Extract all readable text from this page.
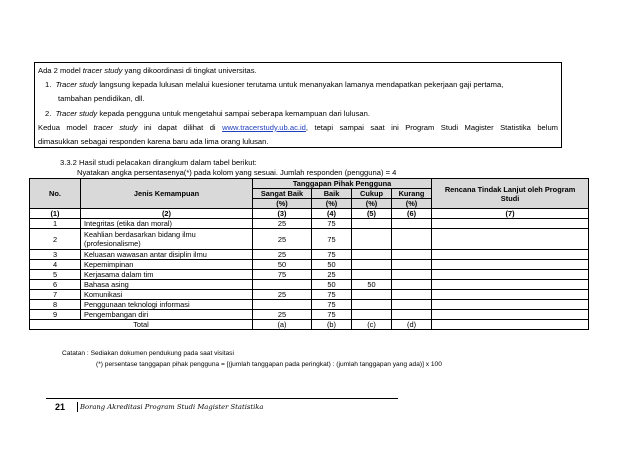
Ada 2 model tracer study yang dikoordinasi di tingkat universitas.

1. Tracer study langsung kepada lulusan melalui kuesioner terutama untuk menanyakan lamanya mendapatkan pekerjaan gaji pertama,

tambahan pendidikan, dll.

2. Tracer study kepada pengguna untuk mengetahui sampai seberapa kemampuan dari lulusan.

Kedua model tracer study ini dapat dilihat di www.tracerstudy.ub.ac.id, tetapi sampai saat ini Program Studi Magister Statistika belum

dimasukkan sebagai responden karena baru ada lima orang lulusan.

3.3.2 Hasil studi pelacakan dirangkum dalam tabel berikut:
Nyatakan angka persentasenya(*) pada kolom yang sesuai. Jumlah responden (pengguna) = 4
No.	Jenis Kemampuan	Tanggapan Pihak Pengguna				Rencana Tindak Lanjut oleh Program Studi
		Sangat Baik	Baik	Cukup	Kurang	
		(%)	(%)	(%)	(%)	
(1)	(2)	(3)	(4)	(5)	(6)	(7)
1	Integritas (etika dan moral)	25	75			
2	Keahlian berdasarkan bidang ilmu (profesionalisme)	25	75			
3	Keluasan wawasan antar disiplin ilmu	25	75			
4	Kepemimpinan	50	50			
5	Kerjasama dalam tim	75	25			
6	Bahasa asing		50	50		
7	Komunikasi	25	75			
8	Penggunaan teknologi informasi		75			
9	Pengembangan diri	25	75			
Total		(a)	(b)	(c)	(d)	
Catatan : Sediakan dokumen pendukung pada saat visitasi
(*) persentase tanggapan pihak pengguna = [(jumlah tanggapan pada peringkat) : (jumlah tanggapan yang ada)] x 100
21	Borang Akreditasi Program Studi Magister Statistika
